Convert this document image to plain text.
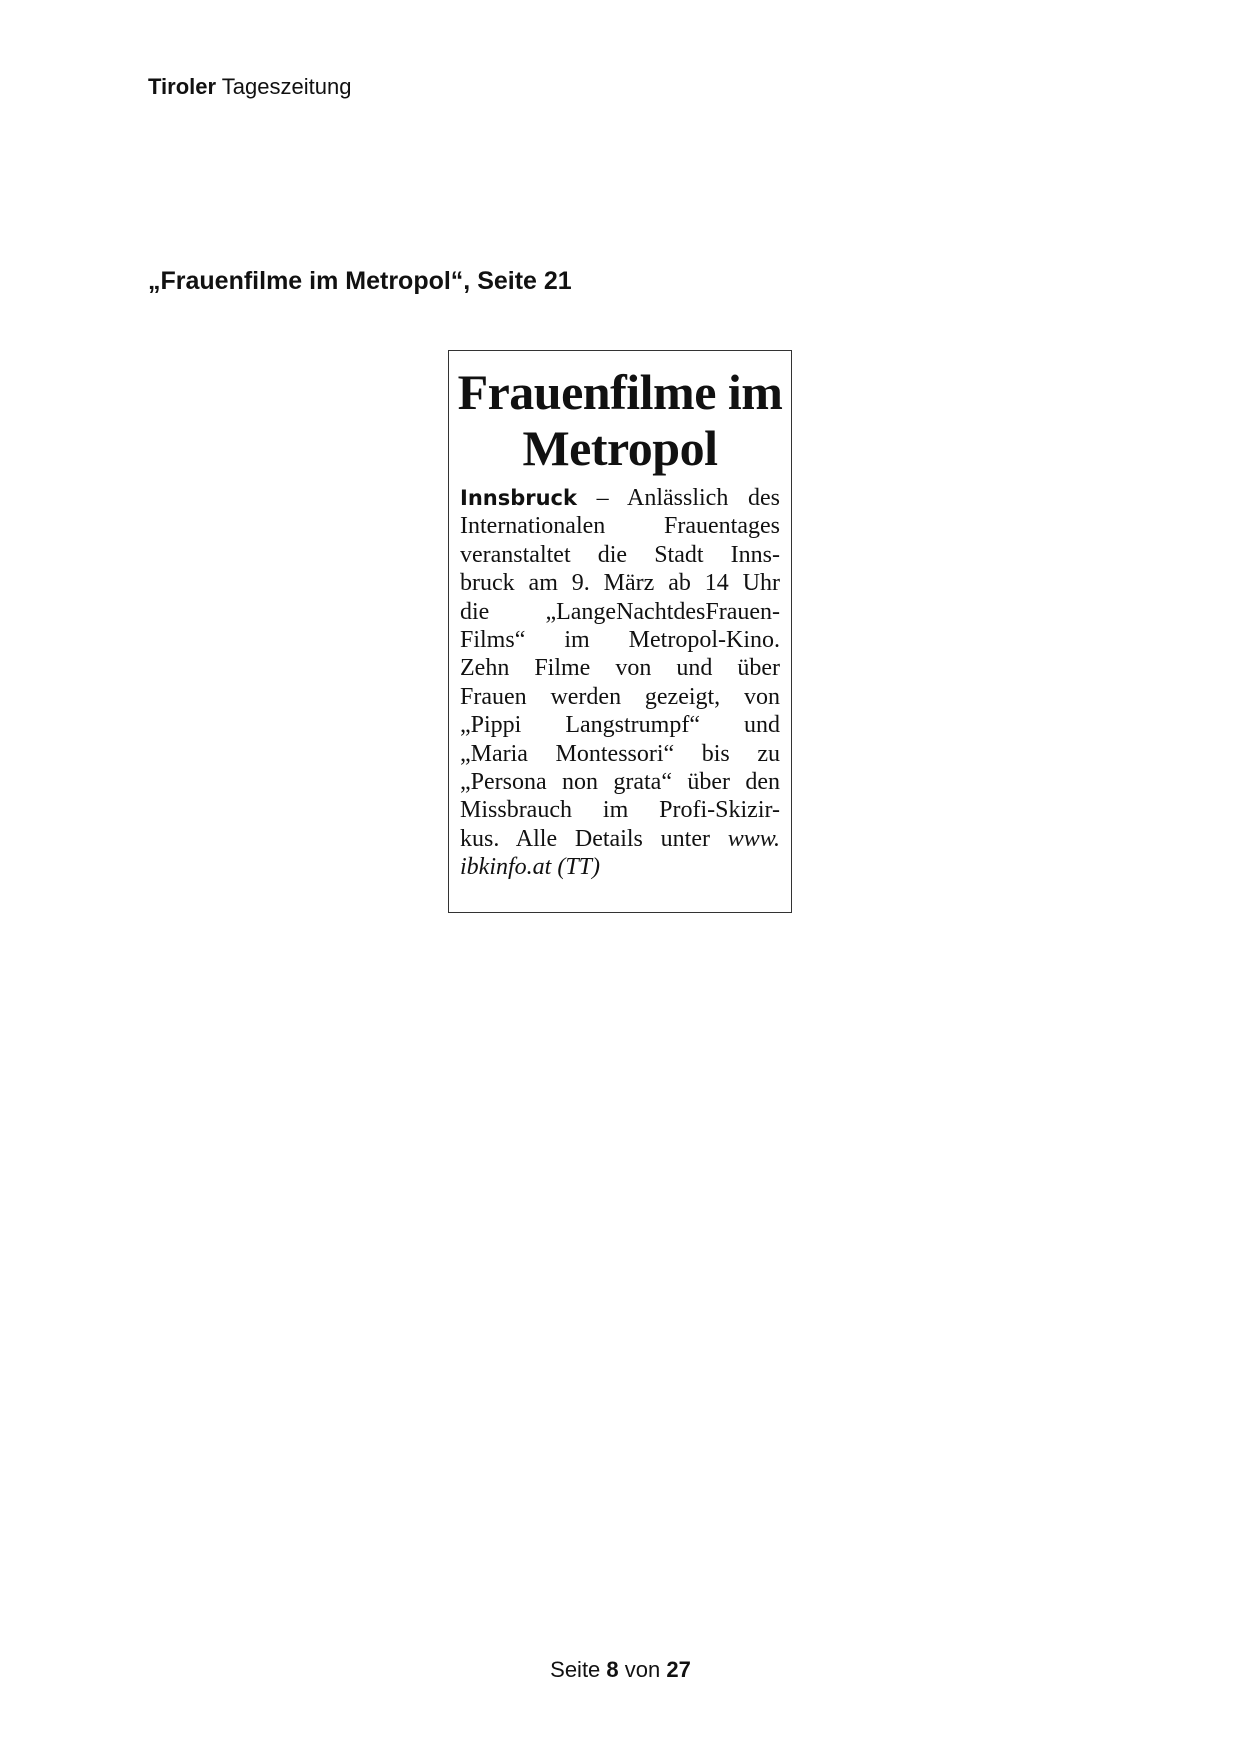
Tiroler Tageszeitung
„Frauenfilme im Metropol“, Seite 21
Frauenfilme im
Metropol
Innsbruck – Anlässlich des
Internationalen Frauentages
veranstaltet die Stadt Inns-
bruck am 9. März ab 14 Uhr
die „LangeNachtdesFrauen-
Films“ im Metropol-Kino.
Zehn Filme von und über
Frauen werden gezeigt, von
„Pippi Langstrumpf“ und
„Maria Montessori“ bis zu
„Persona non grata“ über den
Missbrauch im Profi-Skizir-
kus. Alle Details unter www.
ibkinfo.at (TT)
Seite 8 von 27
